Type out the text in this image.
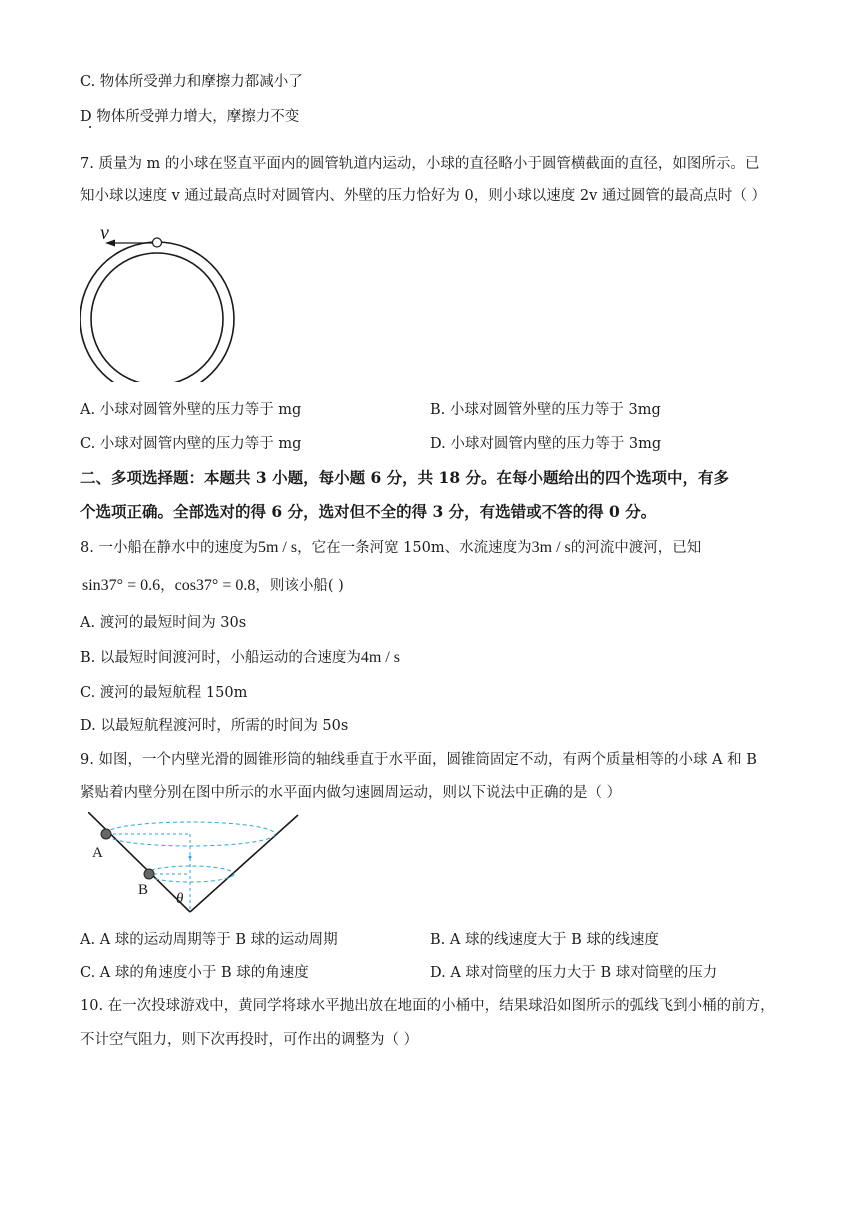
C. 物体所受弹力和摩擦力都减小了
D 物体所受弹力增大，摩擦力不变
7. 质量为 m 的小球在竖直平面内的圆管轨道内运动，小球的直径略小于圆管横截面的直径，如图所示。已
知小球以速度 v 通过最高点时对圆管内、外壁的压力恰好为 0，则小球以速度 2v 通过圆管的最高点时（ ）
v
A. 小球对圆管外壁的压力等于 mg	B. 小球对圆管外壁的压力等于 3mg
C. 小球对圆管内壁的压力等于 mg	D. 小球对圆管内壁的压力等于 3mg
二、多项选择题：本题共 3 小题，每小题 6 分，共 18 分。在每小题给出的四个选项中，有多
个选项正确。全部选对的得 6 分，选对但不全的得 3 分，有选错或不答的得 0 分。
8. 一小船在静水中的速度为5m / s，它在一条河宽 150m、水流速度为3m / s的河流中渡河，已知
sin37° = 0.6，cos37° = 0.8，则该小船( )
A. 渡河的最短时间为 30s
B. 以最短时间渡河时，小船运动的合速度为4m / s
C. 渡河的最短航程 150m
D. 以最短航程渡河时，所需的时间为 50s
9. 如图，一个内壁光滑的圆锥形筒的轴线垂直于水平面，圆锥筒固定不动，有两个质量相等的小球 A 和 B
紧贴着内壁分别在图中所示的水平面内做匀速圆周运动，则以下说法中正确的是（ ）
A
B
θ
A. A 球的运动周期等于 B 球的运动周期	B. A 球的线速度大于 B 球的线速度
C. A 球的角速度小于 B 球的角速度	D. A 球对筒壁的压力大于 B 球对筒壁的压力
10. 在一次投球游戏中，黄同学将球水平抛出放在地面的小桶中，结果球沿如图所示的弧线飞到小桶的前方，
不计空气阻力，则下次再投时，可作出的调整为（ ）
